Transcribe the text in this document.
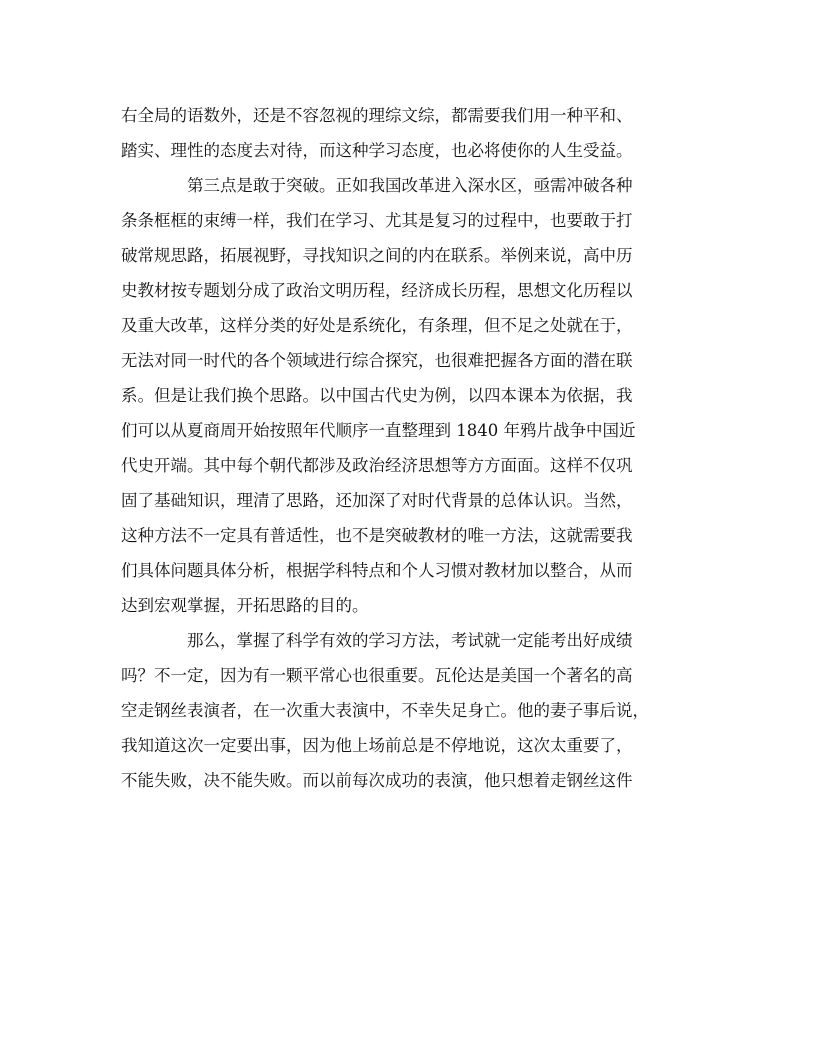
右全局的语数外，还是不容忽视的理综文综，都需要我们用一种平和、
踏实、理性的态度去对待，而这种学习态度，也必将使你的人生受益。

第三点是敢于突破。正如我国改革进入深水区，亟需冲破各种
条条框框的束缚一样，我们在学习、尤其是复习的过程中，也要敢于打
破常规思路，拓展视野，寻找知识之间的内在联系。举例来说，高中历
史教材按专题划分成了政治文明历程，经济成长历程，思想文化历程以
及重大改革，这样分类的好处是系统化，有条理，但不足之处就在于，
无法对同一时代的各个领域进行综合探究，也很难把握各方面的潜在联
系。但是让我们换个思路。以中国古代史为例，以四本课本为依据，我
们可以从夏商周开始按照年代顺序一直整理到 1840 年鸦片战争中国近
代史开端。其中每个朝代都涉及政治经济思想等方方面面。这样不仅巩
固了基础知识，理清了思路，还加深了对时代背景的总体认识。当然，
这种方法不一定具有普适性，也不是突破教材的唯一方法，这就需要我
们具体问题具体分析，根据学科特点和个人习惯对教材加以整合，从而
达到宏观掌握，开拓思路的目的。

那么，掌握了科学有效的学习方法，考试就一定能考出好成绩
吗？不一定，因为有一颗平常心也很重要。瓦伦达是美国一个著名的高
空走钢丝表演者，在一次重大表演中，不幸失足身亡。他的妻子事后说，
我知道这次一定要出事，因为他上场前总是不停地说，这次太重要了，
不能失败，决不能失败。而以前每次成功的表演，他只想着走钢丝这件
